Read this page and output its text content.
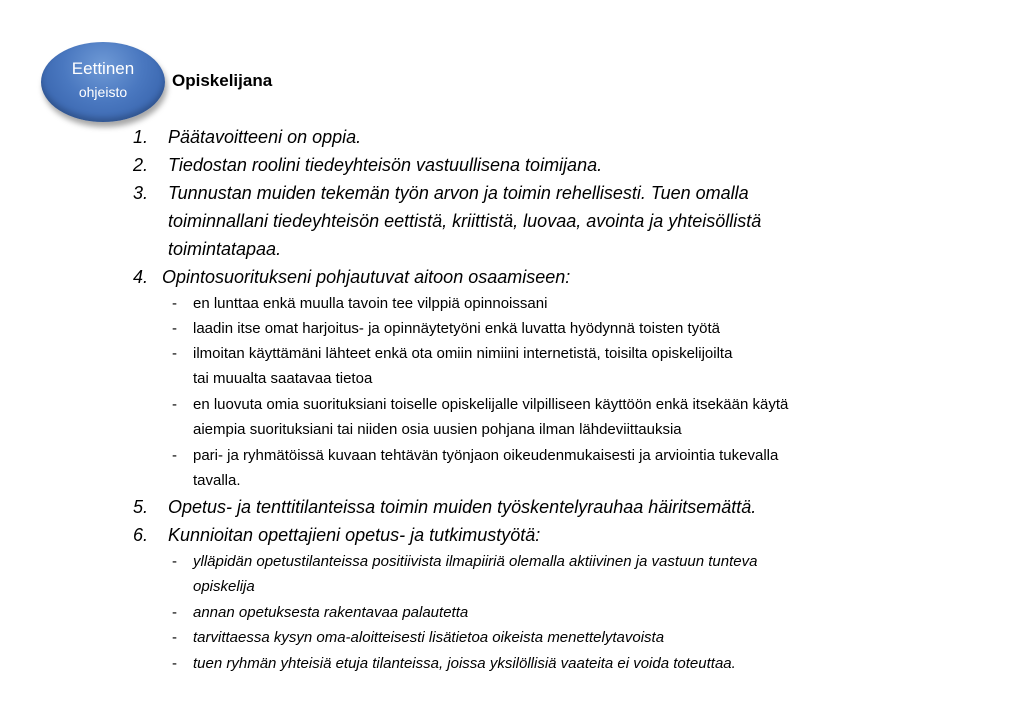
Eettinen
ohjeisto
Opiskelijana
1. Päätavoitteeni on oppia.
2. Tiedostan roolini tiedeyhteisön vastuullisena toimijana.
3. Tunnustan muiden tekemän työn arvon ja toimin rehellisesti. Tuen omalla
toiminnallani tiedeyhteisön eettistä, kriittistä, luovaa, avointa ja yhteisöllistä
toimintatapaa.
4. Opintosuoritukseni pohjautuvat aitoon osaamiseen:
- en lunttaa enkä muulla tavoin tee vilppiä opinnoissani
- laadin itse omat harjoitus- ja opinnäytetyöni enkä luvatta hyödynnä toisten työtä
- ilmoitan käyttämäni lähteet enkä ota omiin nimiini internetistä, toisilta opiskelijoilta
tai muualta saatavaa tietoa
- en luovuta omia suorituksiani toiselle opiskelijalle vilpilliseen käyttöön enkä itsekään käytä
aiempia suorituksiani tai niiden osia uusien pohjana ilman lähdeviittauksia
- pari- ja ryhmätöissä kuvaan tehtävän työnjaon oikeudenmukaisesti ja arviointia tukevalla
tavalla.
5. Opetus- ja tenttitilanteissa toimin muiden työskentelyrauhaa häiritsemättä.
6. Kunnioitan opettajieni opetus- ja tutkimustyötä:
- ylläpidän opetustilanteissa positiivista ilmapiiriä olemalla aktiivinen ja vastuun tunteva
opiskelija
- annan opetuksesta rakentavaa palautetta
- tarvittaessa kysyn oma-aloitteisesti lisätietoa oikeista menettelytavoista
- tuen ryhmän yhteisiä etuja tilanteissa, joissa yksilöllisiä vaateita ei voida toteuttaa.
